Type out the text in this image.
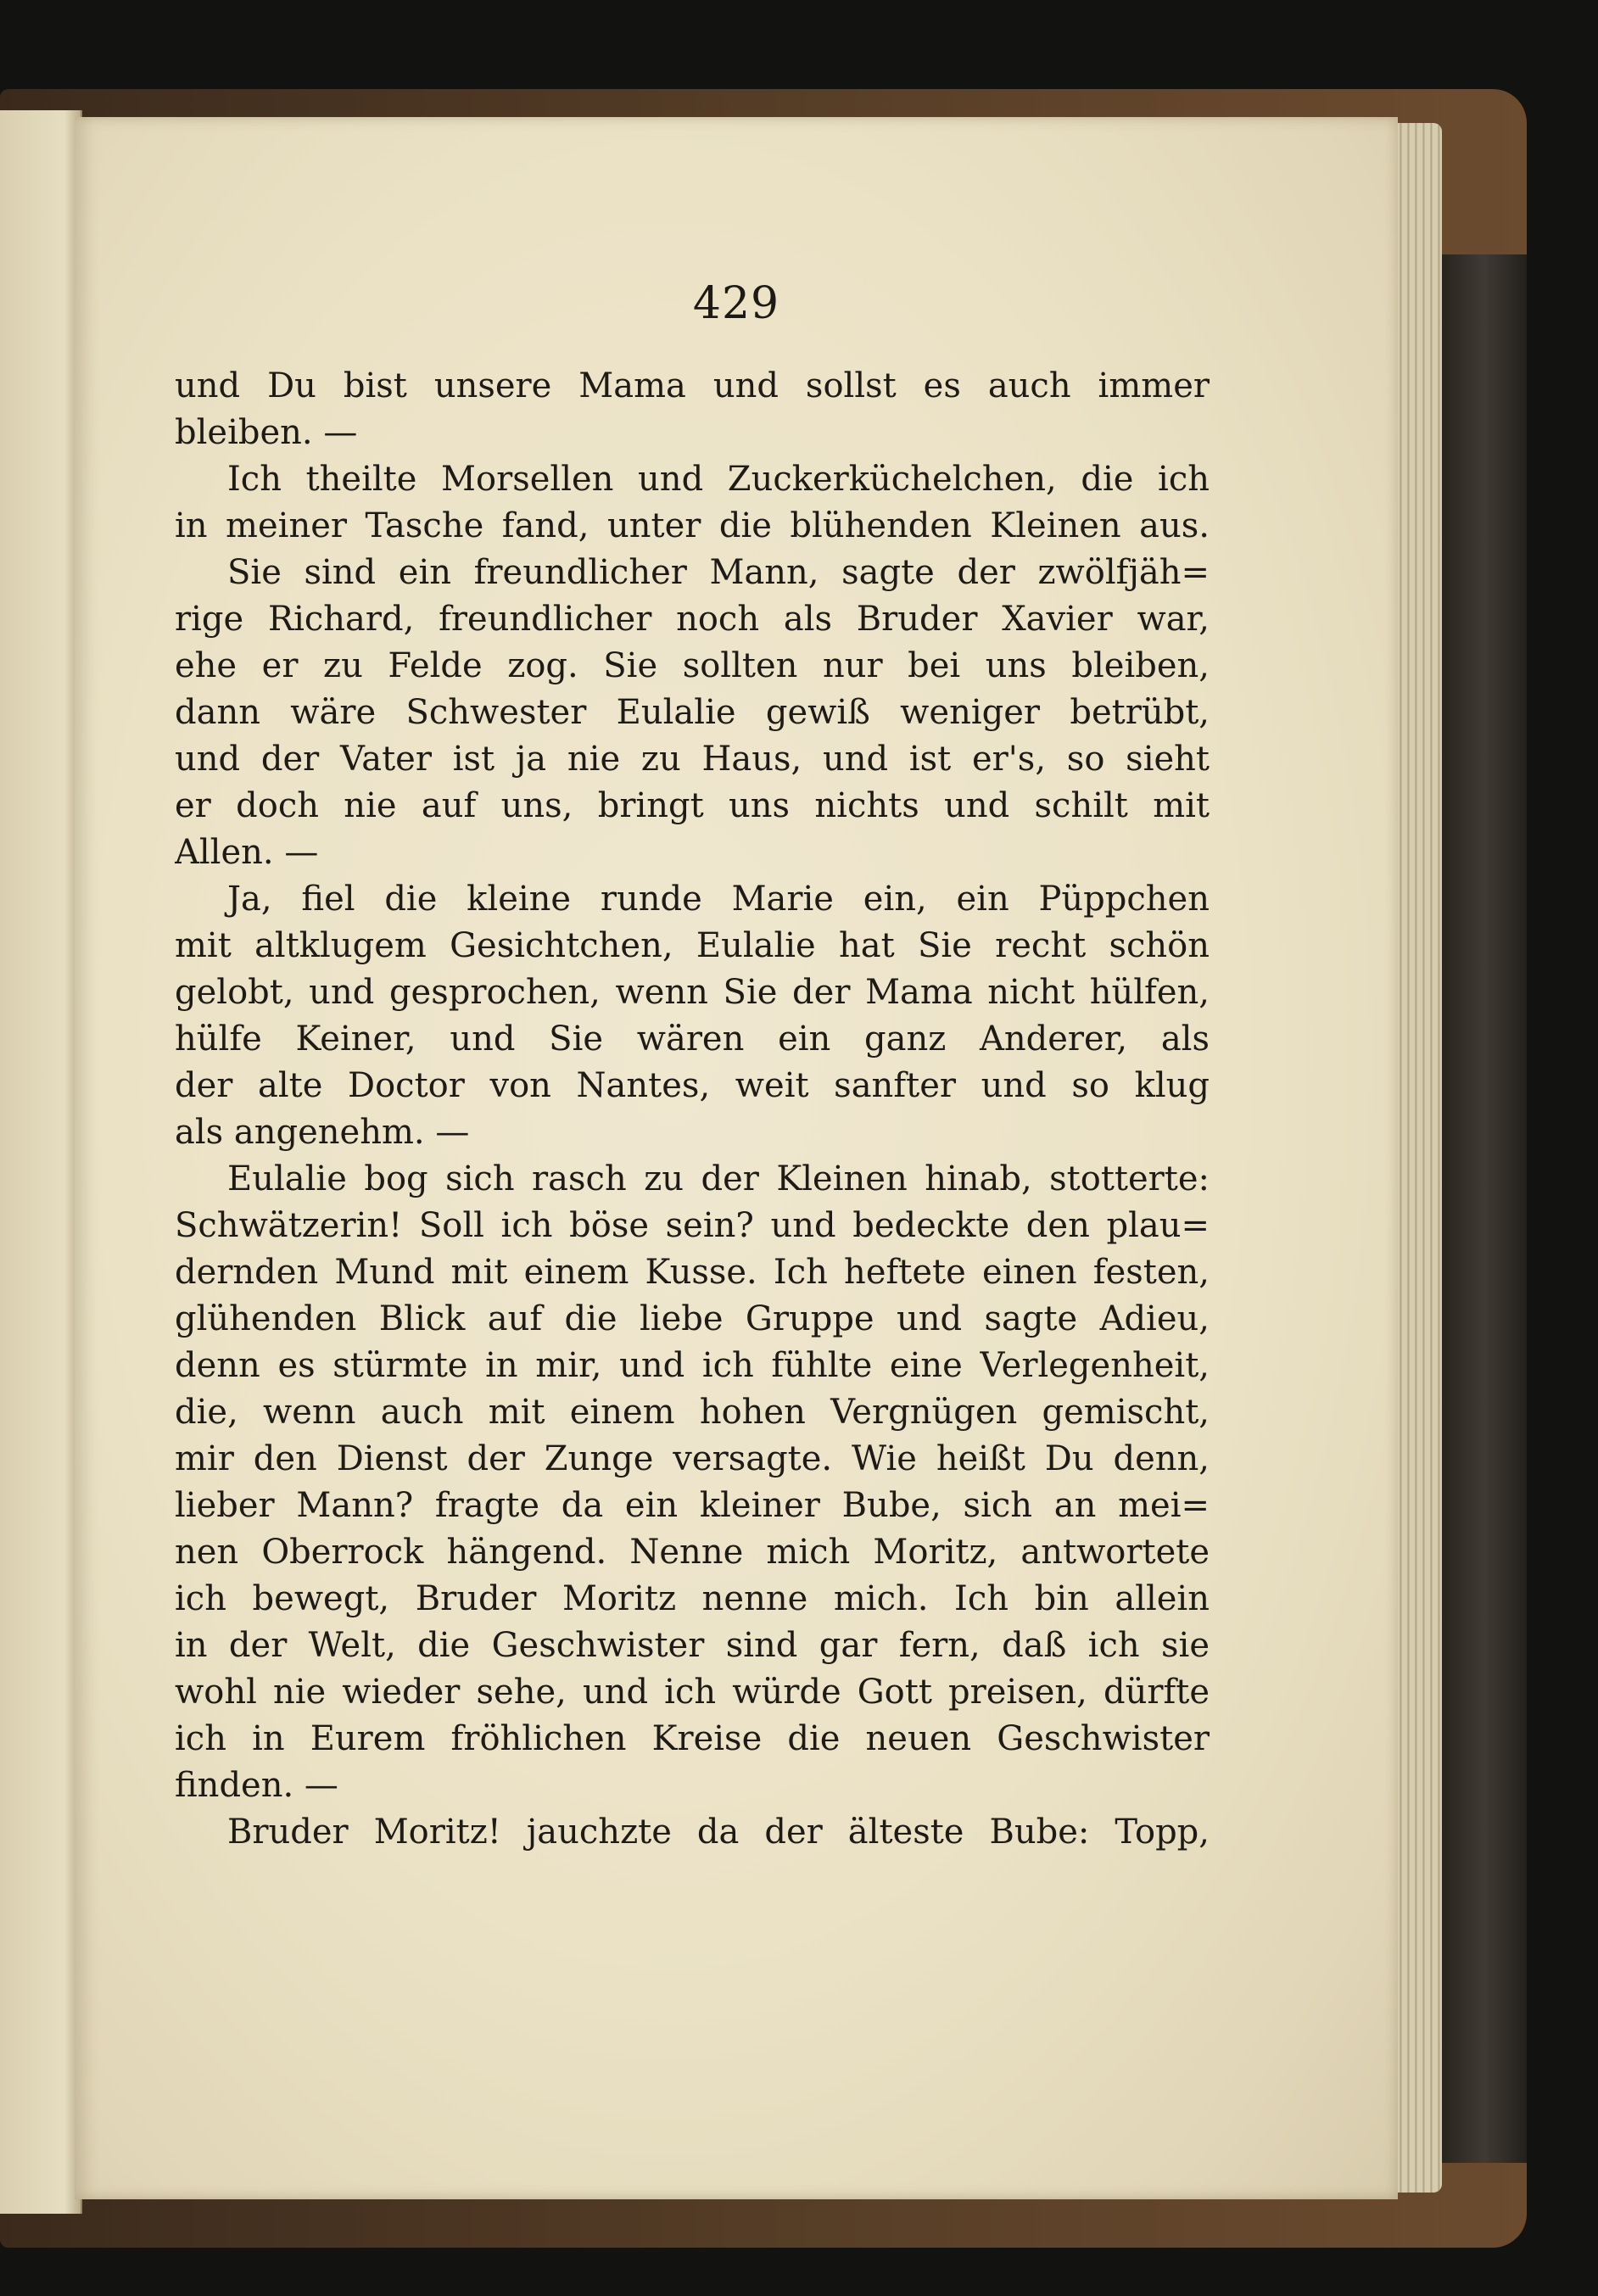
429
und Du bist unsere Mama und sollst es auch immer
bleiben. —
Ich theilte Morsellen und Zuckerküchelchen, die ich
in meiner Tasche fand, unter die blühenden Kleinen aus.
Sie sind ein freundlicher Mann, sagte der zwölfjäh=
rige Richard, freundlicher noch als Bruder Xavier war,
ehe er zu Felde zog. Sie sollten nur bei uns bleiben,
dann wäre Schwester Eulalie gewiß weniger betrübt,
und der Vater ist ja nie zu Haus, und ist er's, so sieht
er doch nie auf uns, bringt uns nichts und schilt mit
Allen. —
Ja, fiel die kleine runde Marie ein, ein Püppchen
mit altklugem Gesichtchen, Eulalie hat Sie recht schön
gelobt, und gesprochen, wenn Sie der Mama nicht hülfen,
hülfe Keiner, und Sie wären ein ganz Anderer, als
der alte Doctor von Nantes, weit sanfter und so klug
als angenehm. —
Eulalie bog sich rasch zu der Kleinen hinab, stotterte:
Schwätzerin! Soll ich böse sein? und bedeckte den plau=
dernden Mund mit einem Kusse. Ich heftete einen festen,
glühenden Blick auf die liebe Gruppe und sagte Adieu,
denn es stürmte in mir, und ich fühlte eine Verlegenheit,
die, wenn auch mit einem hohen Vergnügen gemischt,
mir den Dienst der Zunge versagte. Wie heißt Du denn,
lieber Mann? fragte da ein kleiner Bube, sich an mei=
nen Oberrock hängend. Nenne mich Moritz, antwortete
ich bewegt, Bruder Moritz nenne mich. Ich bin allein
in der Welt, die Geschwister sind gar fern, daß ich sie
wohl nie wieder sehe, und ich würde Gott preisen, dürfte
ich in Eurem fröhlichen Kreise die neuen Geschwister
finden. —
Bruder Moritz! jauchzte da der älteste Bube: Topp,
